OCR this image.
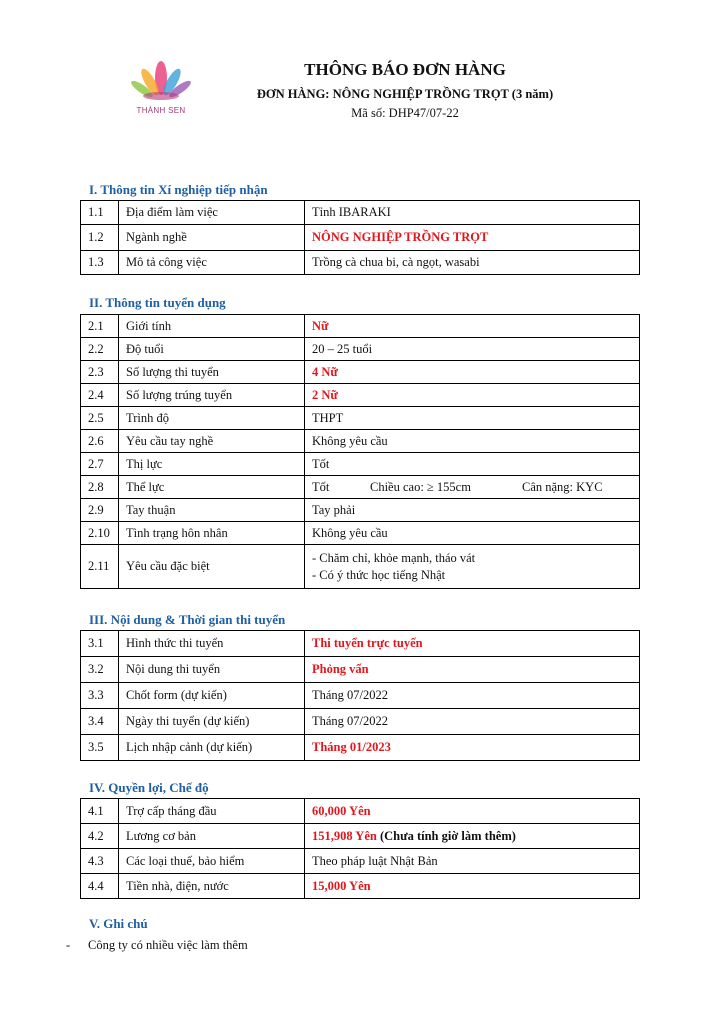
THÀNH SEN
THÔNG BÁO ĐƠN HÀNG
ĐƠN HÀNG: NÔNG NGHIỆP TRỒNG TRỌT (3 năm)
Mã số: DHP47/07-22
I. Thông tin Xí nghiệp tiếp nhận
1.1	Địa điểm làm việc	Tỉnh IBARAKI
1.2	Ngành nghề	NÔNG NGHIỆP TRỒNG TRỌT
1.3	Mô tả công việc	Trồng cà chua bi, cà ngọt, wasabi
II. Thông tin tuyển dụng
2.1	Giới tính	Nữ
2.2	Độ tuổi	20 – 25 tuổi
2.3	Số lượng thi tuyển	4 Nữ
2.4	Số lượng trúng tuyển	2 Nữ
2.5	Trình độ	THPT
2.6	Yêu cầu tay nghề	Không yêu cầu
2.7	Thị lực	Tốt
2.8	Thể lực	Tốt Chiều cao: ≥ 155cm Cân nặng: KYC
2.9	Tay thuận	Tay phải
2.10	Tình trạng hôn nhân	Không yêu cầu
2.11	Yêu cầu đặc biệt	- Chăm chỉ, khỏe mạnh, tháo vát
- Có ý thức học tiếng Nhật
III. Nội dung & Thời gian thi tuyển
3.1	Hình thức thi tuyển	Thi tuyển trực tuyến
3.2	Nội dung thi tuyển	Phỏng vấn
3.3	Chốt form (dự kiến)	Tháng 07/2022
3.4	Ngày thi tuyển (dự kiến)	Tháng 07/2022
3.5	Lịch nhập cảnh (dự kiến)	Tháng 01/2023
IV. Quyền lợi, Chế độ
4.1	Trợ cấp tháng đầu	60,000 Yên
4.2	Lương cơ bản	151,908 Yên (Chưa tính giờ làm thêm)
4.3	Các loại thuế, bảo hiểm	Theo pháp luật Nhật Bản
4.4	Tiền nhà, điện, nước	15,000 Yên
V. Ghi chú
- Công ty có nhiều việc làm thêm
